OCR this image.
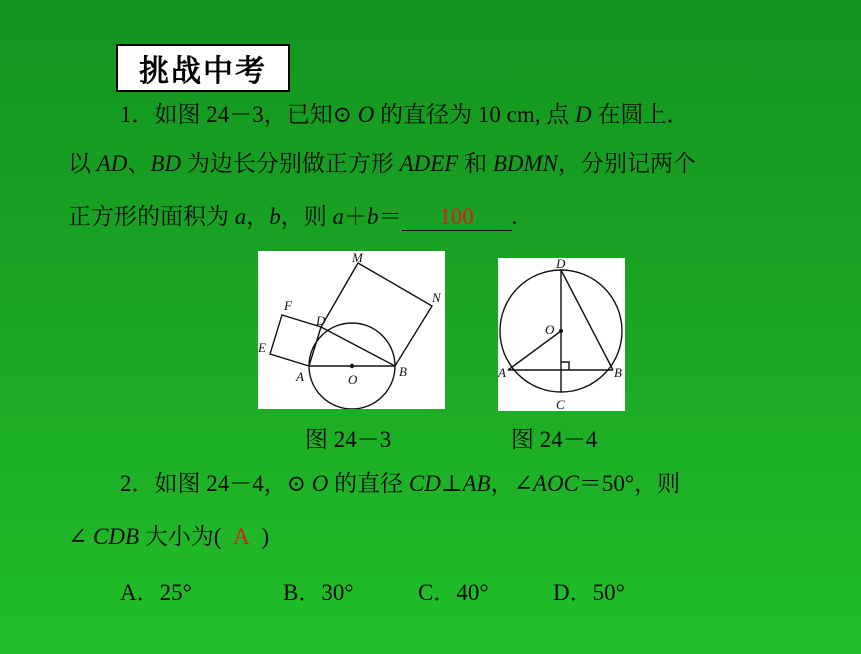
挑战中考
1．如图 24－3，已知⊙ O 的直径为 10 cm, 点 D 在圆上．
以 AD、BD 为边长分别做正方形 ADEF 和 BDMN，分别记两个
正方形的面积为 a，b，则 a＋b＝ 100 .
M
N
F
D
E
A	O
B
D
O
A	B
C
图 24－3	图 24－4
2．如图 24－4，⊙ O 的直径 CD⊥AB，∠AOC＝50°，则
∠ CDB 大小为( A )
A．25°	B．30°	C．40°	D．50°
